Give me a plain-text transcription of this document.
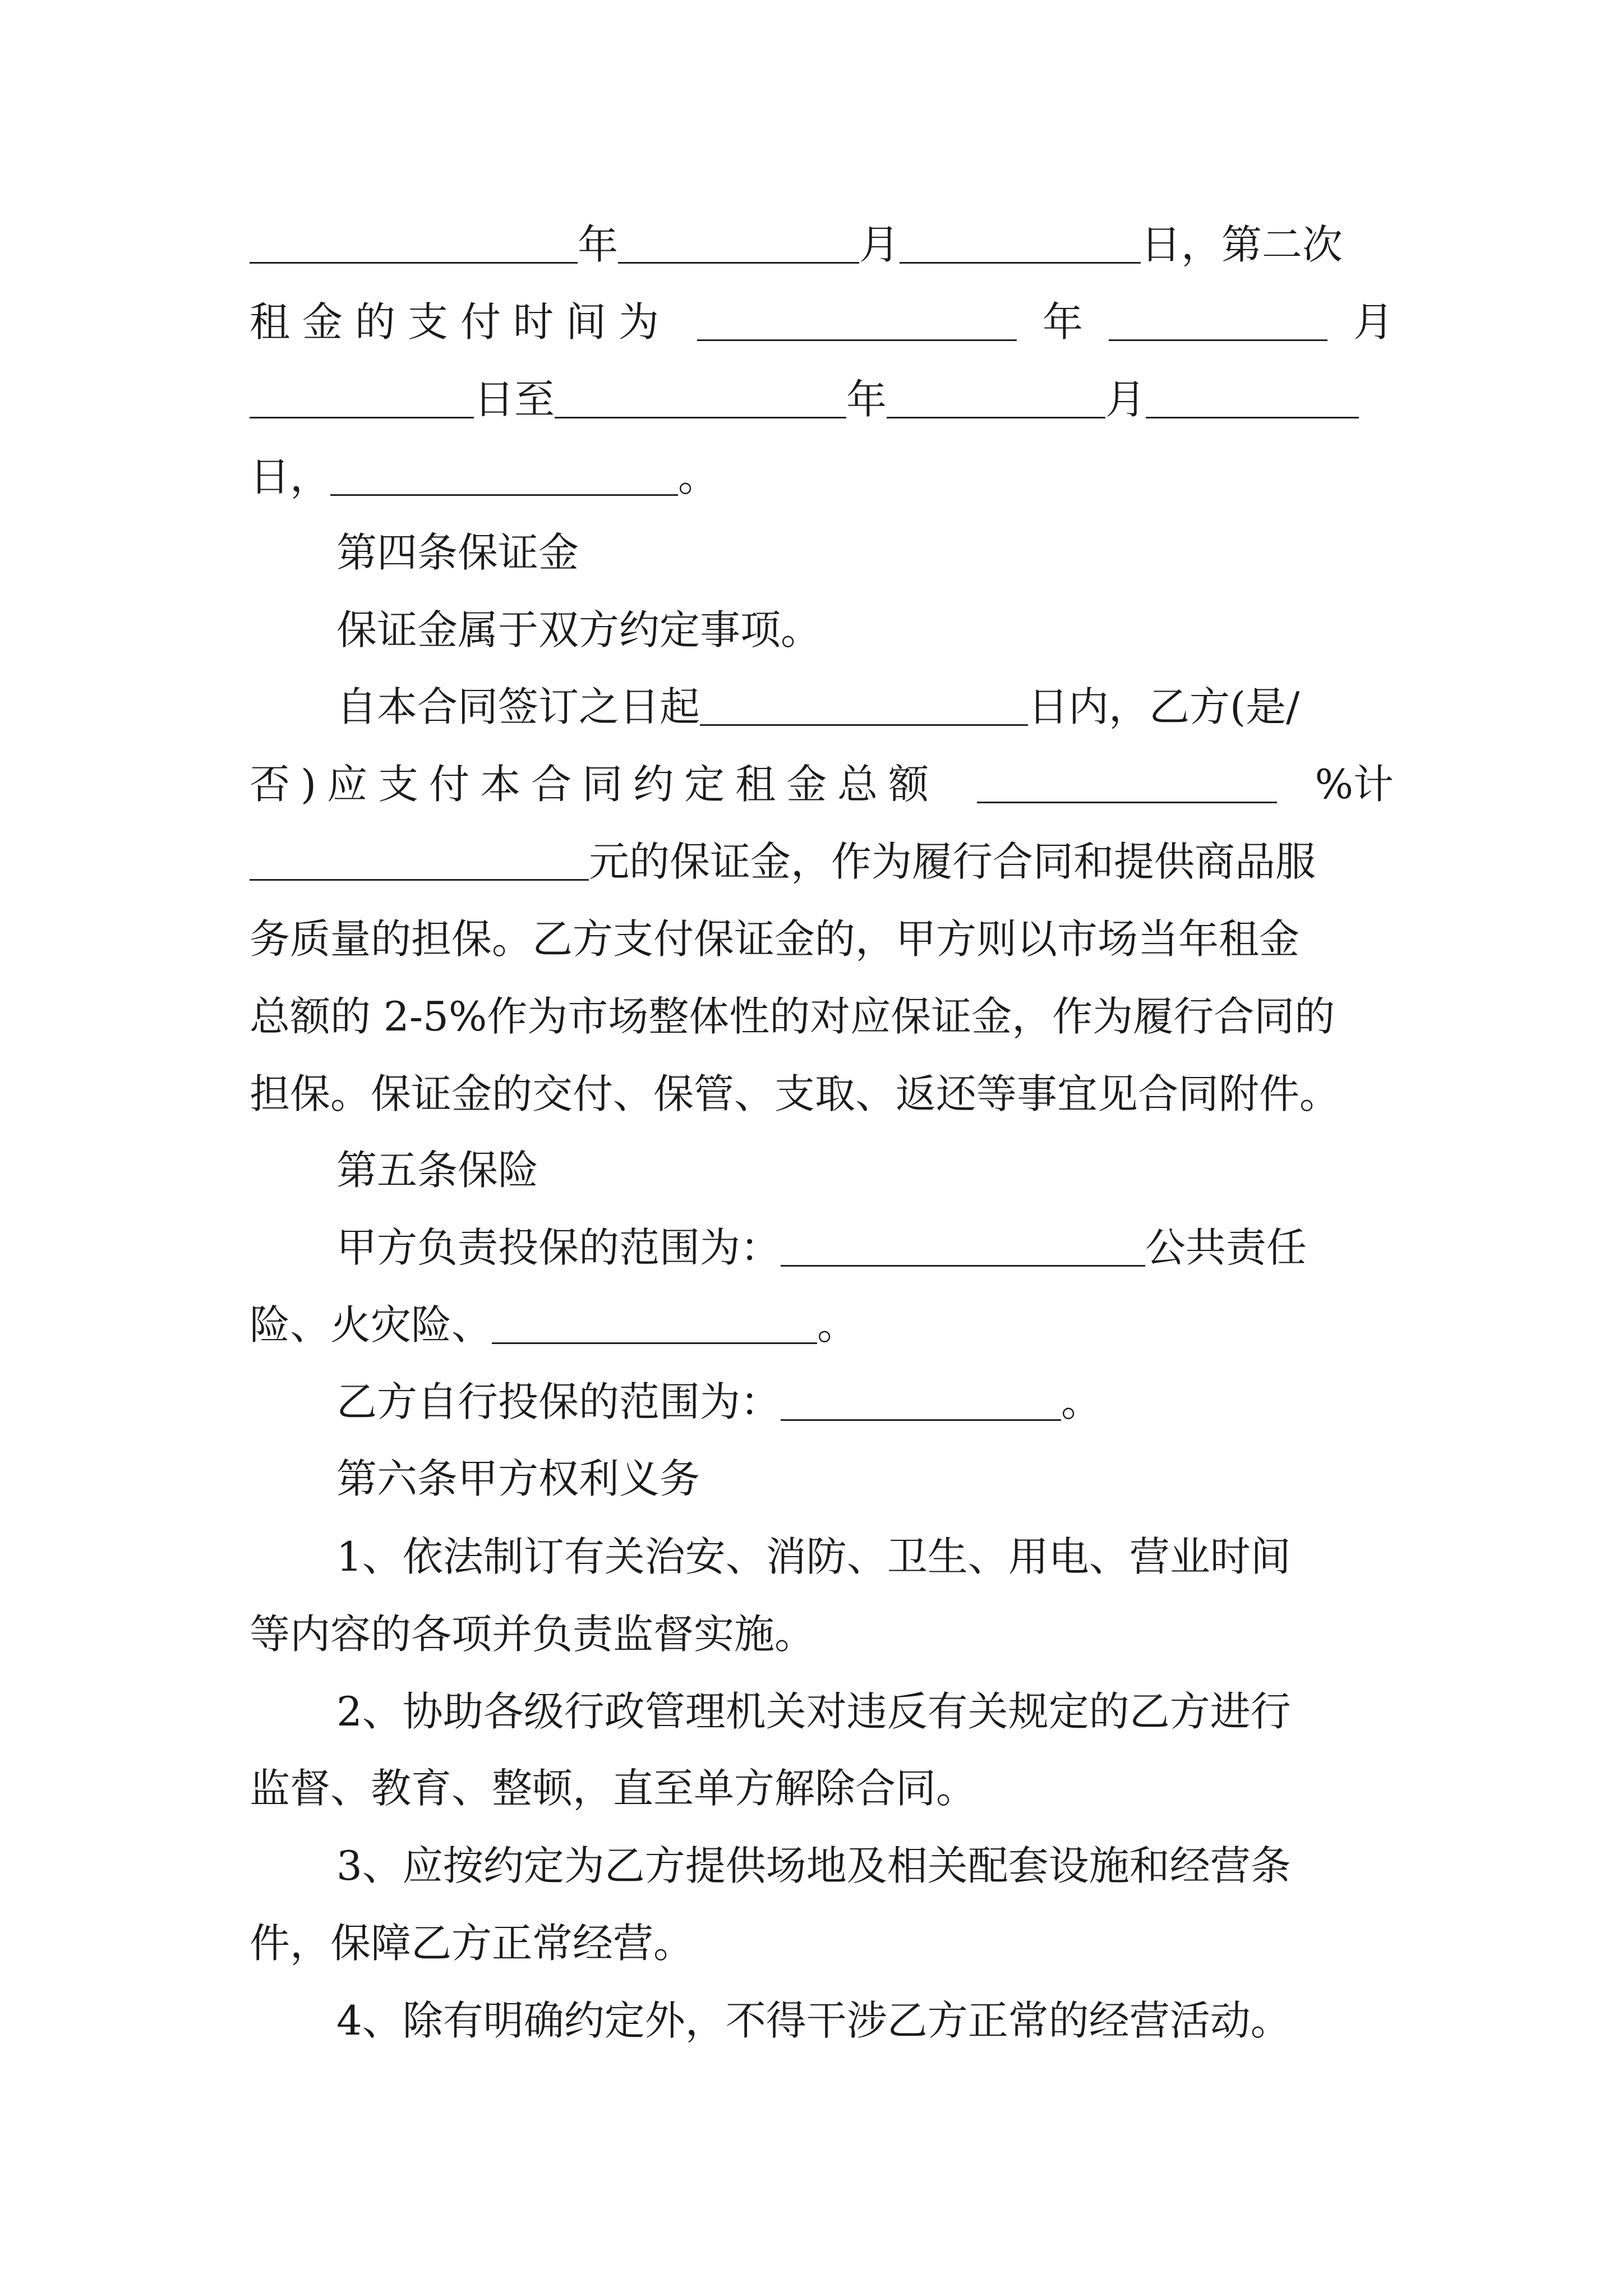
年	月	日，第二次
租金的支付时间为	年	月
日至	年	月
日，	。
第四条保证金
保证金属于双方约定事项。
自本合同签订之日起	日内，乙方(是/
否)应支付本合同约定租金总额	%计
元的保证金，作为履行合同和提供商品服
务质量的担保。乙方支付保证金的，甲方则以市场当年租金
总额的 2-5%作为市场整体性的对应保证金，作为履行合同的
担保。保证金的交付、保管、支取、返还等事宜见合同附件。
第五条保险
甲方负责投保的范围为：	公共责任
险、火灾险、	。
乙方自行投保的范围为：	。
第六条甲方权利义务
1、依法制订有关治安、消防、卫生、用电、营业时间
等内容的各项并负责监督实施。
2、协助各级行政管理机关对违反有关规定的乙方进行
监督、教育、整顿，直至单方解除合同。
3、应按约定为乙方提供场地及相关配套设施和经营条
件，保障乙方正常经营。
4、除有明确约定外，不得干涉乙方正常的经营活动。
